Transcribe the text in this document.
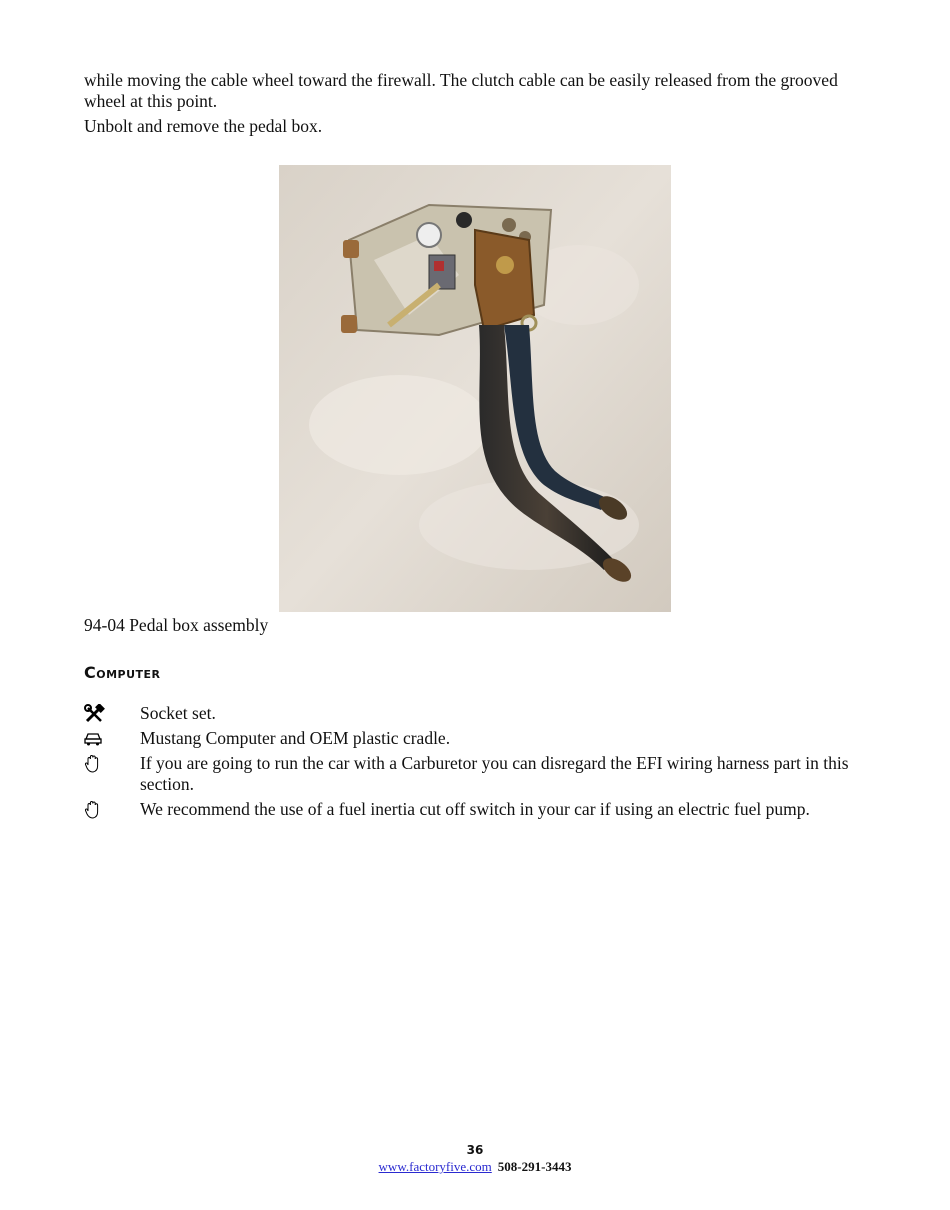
while moving the cable wheel toward the firewall. The clutch cable can be easily released from the grooved wheel at this point.

Unbolt and remove the pedal box.

94-04 Pedal box assembly

Computer
Socket set.
Mustang Computer and OEM plastic cradle.
If you are going to run the car with a Carburetor you can disregard the EFI wiring harness part in this section.
We recommend the use of a fuel inertia cut off switch in your car if using an electric fuel pump.
36
www.factoryfive.com 508-291-3443
